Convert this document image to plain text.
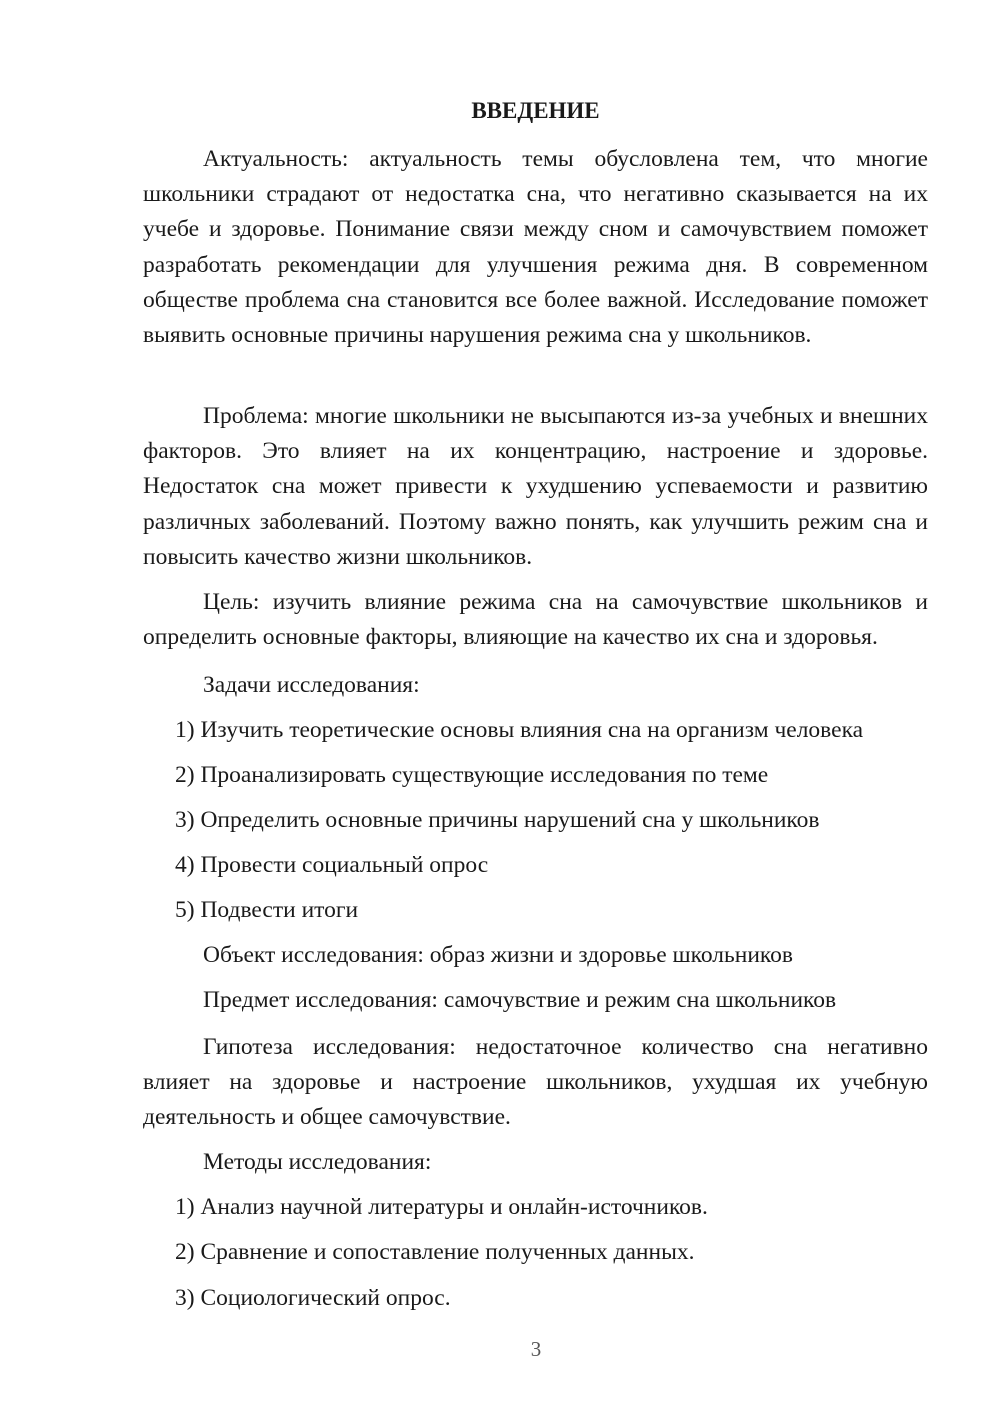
ВВЕДЕНИЕ

Актуальность: актуальность темы обусловлена тем, что многие школьники страдают от недостатка сна, что негативно сказывается на их учебе и здоровье. Понимание связи между сном и самочувствием поможет разработать рекомендации для улучшения режима дня. В современном обществе проблема сна становится все более важной. Исследование поможет выявить основные причины нарушения режима сна у школьников.

Проблема: многие школьники не высыпаются из-за учебных и внешних факторов. Это влияет на их концентрацию, настроение и здоровье. Недостаток сна может привести к ухудшению успеваемости и развитию различных заболеваний. Поэтому важно понять, как улучшить режим сна и повысить качество жизни школьников.

Цель: изучить влияние режима сна на самочувствие школьников и определить основные факторы, влияющие на качество их сна и здоровья.

Задачи исследования:

1) Изучить теоретические основы влияния сна на организм человека

2) Проанализировать существующие исследования по теме

3) Определить основные причины нарушений сна у школьников

4) Провести социальный опрос

5) Подвести итоги

Объект исследования: образ жизни и здоровье школьников

Предмет исследования: самочувствие и режим сна школьников

Гипотеза исследования: недостаточное количество сна негативно влияет на здоровье и настроение школьников, ухудшая их учебную деятельность и общее самочувствие.

Методы исследования:

1) Анализ научной литературы и онлайн-источников.

2) Сравнение и сопоставление полученных данных.

3) Социологический опрос.

3
